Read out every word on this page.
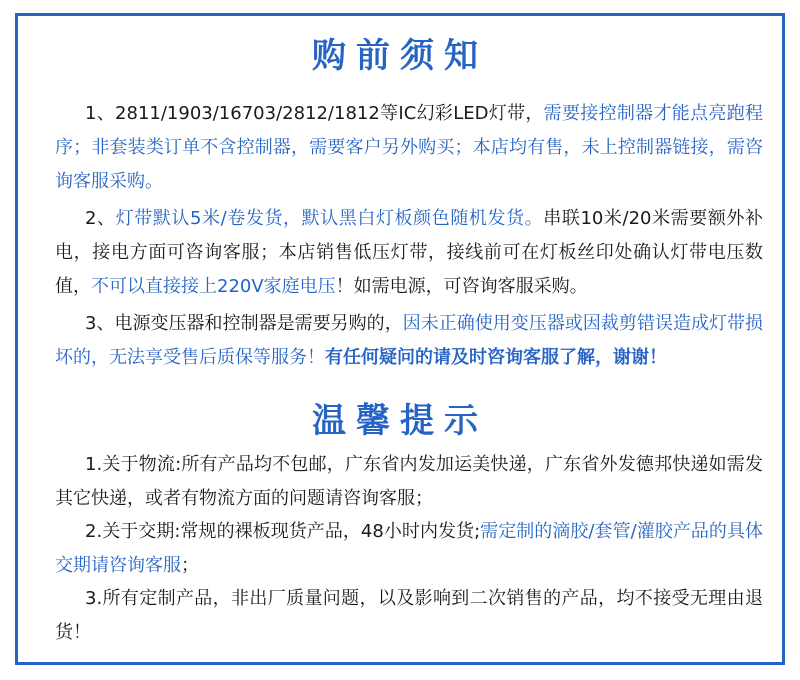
购前须知
1、2811/1903/16703/2812/1812等IC幻彩LED灯带，需要接控制器才能点亮跑程序；非套装类订单不含控制器，需要客户另外购买；本店均有售，未上控制器链接，需咨询客服采购。
2、灯带默认5米/卷发货，默认黑白灯板颜色随机发货。串联10米/20米需要额外补电，接电方面可咨询客服；本店销售低压灯带，接线前可在灯板丝印处确认灯带电压数值，不可以直接接上220V家庭电压！如需电源，可咨询客服采购。
3、电源变压器和控制器是需要另购的，因未正确使用变压器或因裁剪错误造成灯带损坏的，无法享受售后质保等服务！有任何疑问的请及时咨询客服了解，谢谢！
温馨提示
1.关于物流:所有产品均不包邮，广东省内发加运美快递，广东省外发德邦快递如需发其它快递，或者有物流方面的问题请咨询客服；
2.关于交期:常规的裸板现货产品，48小时内发货;需定制的滴胶/套管/灌胶产品的具体交期请咨询客服；
3.所有定制产品，非出厂质量问题，以及影响到二次销售的产品，均不接受无理由退货！
